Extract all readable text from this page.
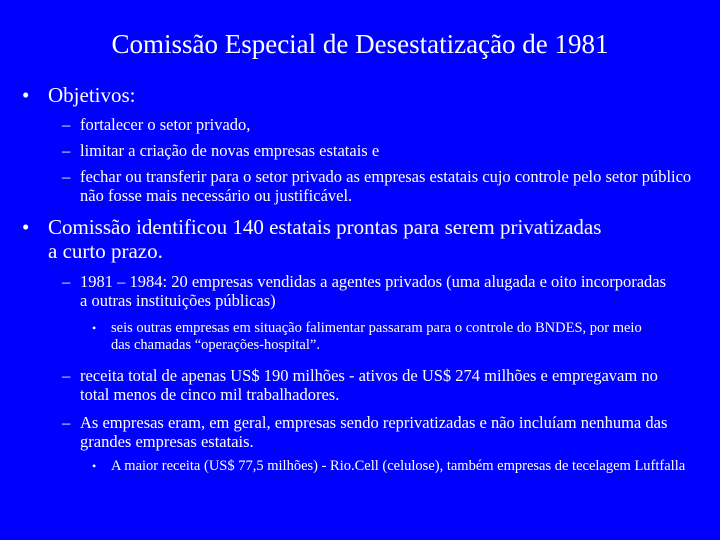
Comissão Especial de Desestatização de 1981
• Objetivos:
– fortalecer o setor privado,
– limitar a criação de novas empresas estatais e
– fechar ou transferir para o setor privado as empresas estatais cujo controle pelo setor público não fosse mais necessário ou justificável.
• Comissão identificou 140 estatais prontas para serem privatizadas a curto prazo.
– 1981 – 1984: 20 empresas vendidas a agentes privados (uma alugada e oito incorporadas a outras instituições públicas)
• seis outras empresas em situação falimentar passaram para o controle do BNDES, por meio das chamadas “operações-hospital”.
– receita total de apenas US$ 190 milhões - ativos de US$ 274 milhões e empregavam no total menos de cinco mil trabalhadores.
– As empresas eram, em geral, empresas sendo reprivatizadas e não incluíam nenhuma das grandes empresas estatais.
• A maior receita (US$ 77,5 milhões) - Rio.Cell (celulose), também empresas de tecelagem Luftfalla
